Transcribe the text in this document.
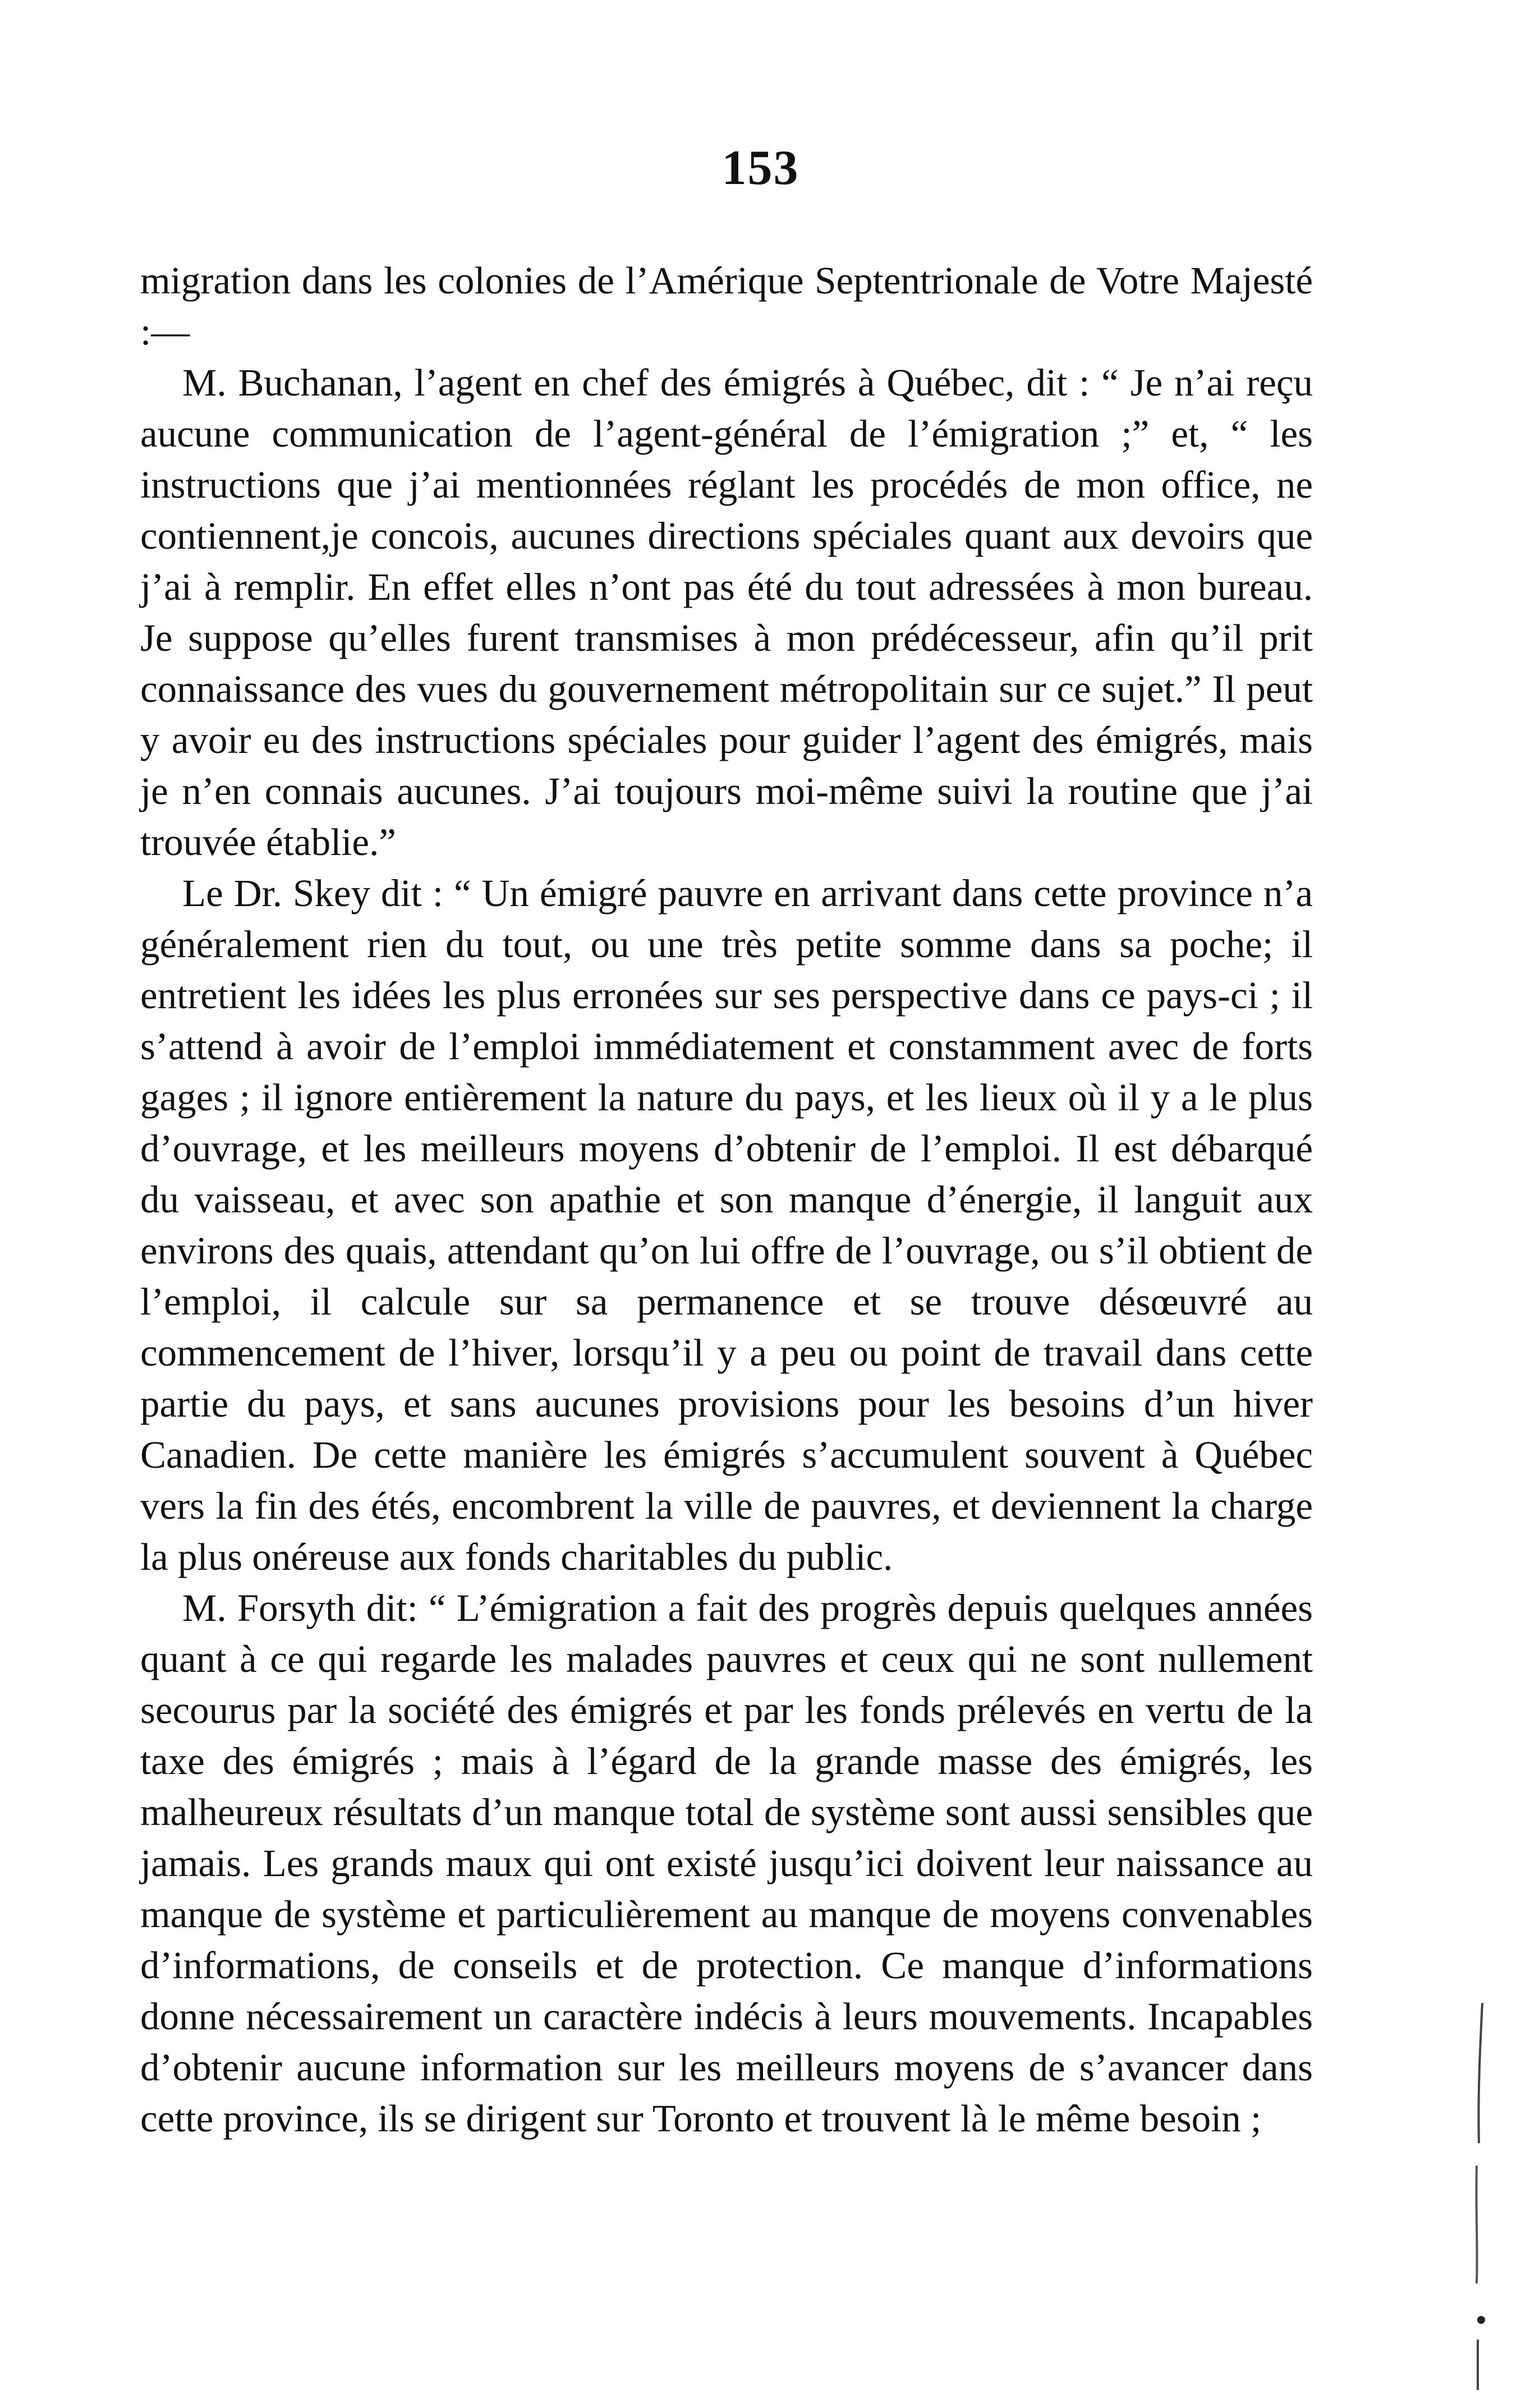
153

migration dans les colonies de l’Amérique Septentrionale de Votre Majesté :—

M. Buchanan, l’agent en chef des émigrés à Québec, dit : “ Je n’ai reçu aucune communication de l’agent-général de l’émigration ;” et, “ les instructions que j’ai mentionnées réglant les procédés de mon office, ne contiennent,je concois, aucunes directions spéciales quant aux devoirs que j’ai à remplir. En effet elles n’ont pas été du tout adressées à mon bureau. Je suppose qu’elles furent transmises à mon prédécesseur, afin qu’il prit connaissance des vues du gouvernement métropolitain sur ce sujet.” Il peut y avoir eu des instructions spéciales pour guider l’agent des émigrés, mais je n’en connais aucunes. J’ai toujours moi-même suivi la routine que j’ai trouvée établie.”

Le Dr. Skey dit : “ Un émigré pauvre en arrivant dans cette province n’a généralement rien du tout, ou une très petite somme dans sa poche; il entretient les idées les plus erronées sur ses perspective dans ce pays-ci ; il s’attend à avoir de l’emploi immédiatement et constamment avec de forts gages ; il ignore entièrement la nature du pays, et les lieux où il y a le plus d’ouvrage, et les meilleurs moyens d’obtenir de l’emploi. Il est débarqué du vaisseau, et avec son apathie et son manque d’énergie, il languit aux environs des quais, attendant qu’on lui offre de l’ouvrage, ou s’il obtient de l’emploi, il calcule sur sa permanence et se trouve désœuvré au commencement de l’hiver, lorsqu’il y a peu ou point de travail dans cette partie du pays, et sans aucunes provisions pour les besoins d’un hiver Canadien. De cette manière les émigrés s’accumulent souvent à Québec vers la fin des étés, encombrent la ville de pauvres, et deviennent la charge la plus onéreuse aux fonds charitables du public.

M. Forsyth dit: “ L’émigration a fait des progrès depuis quelques années quant à ce qui regarde les malades pauvres et ceux qui ne sont nullement secourus par la société des émigrés et par les fonds prélevés en vertu de la taxe des émigrés ; mais à l’égard de la grande masse des émigrés, les malheureux résultats d’un manque total de système sont aussi sensibles que jamais. Les grands maux qui ont existé jusqu’ici doivent leur naissance au manque de système et particulièrement au manque de moyens convenables d’informations, de conseils et de protection. Ce manque d’informations donne nécessairement un caractère indécis à leurs mouvements. Incapables d’obtenir aucune information sur les meilleurs moyens de s’avancer dans cette province, ils se dirigent sur Toronto et trouvent là le même besoin ;
